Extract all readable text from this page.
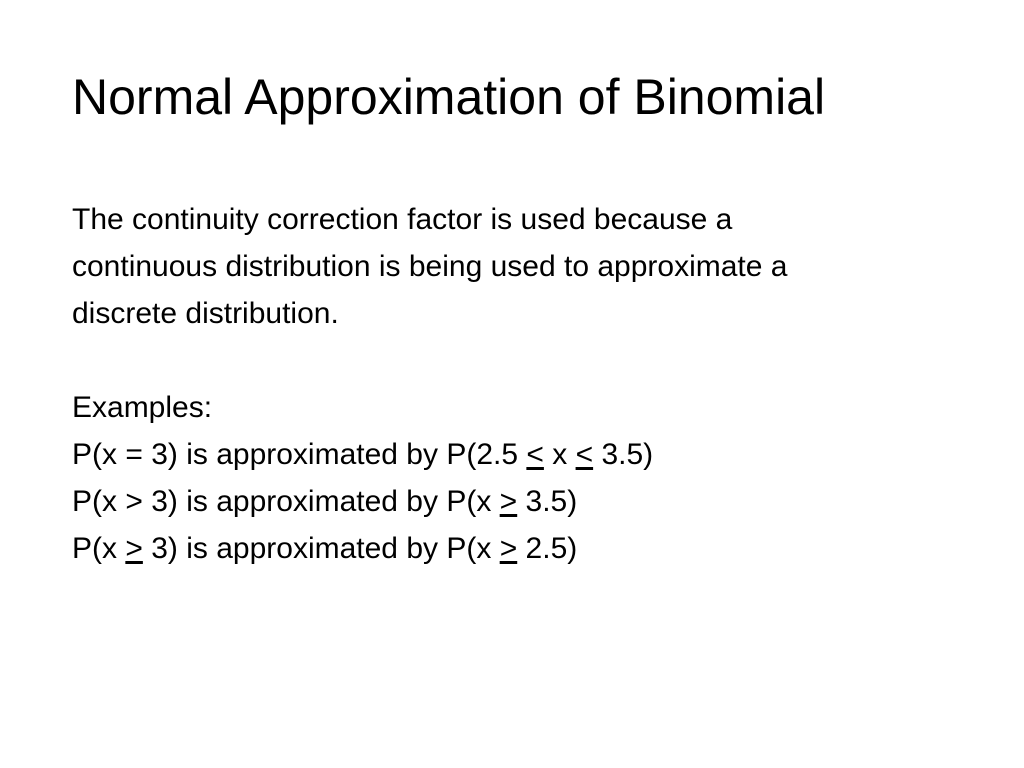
Normal Approximation of Binomial

The continuity correction factor is used because a

continuous distribution is being used to approximate a

discrete distribution.

Examples:

P(x = 3) is approximated by P(2.5 ≤ x ≤ 3.5)

P(x > 3) is approximated by P(x ≥ 3.5)

P(x ≥ 3) is approximated by P(x ≥ 2.5)
